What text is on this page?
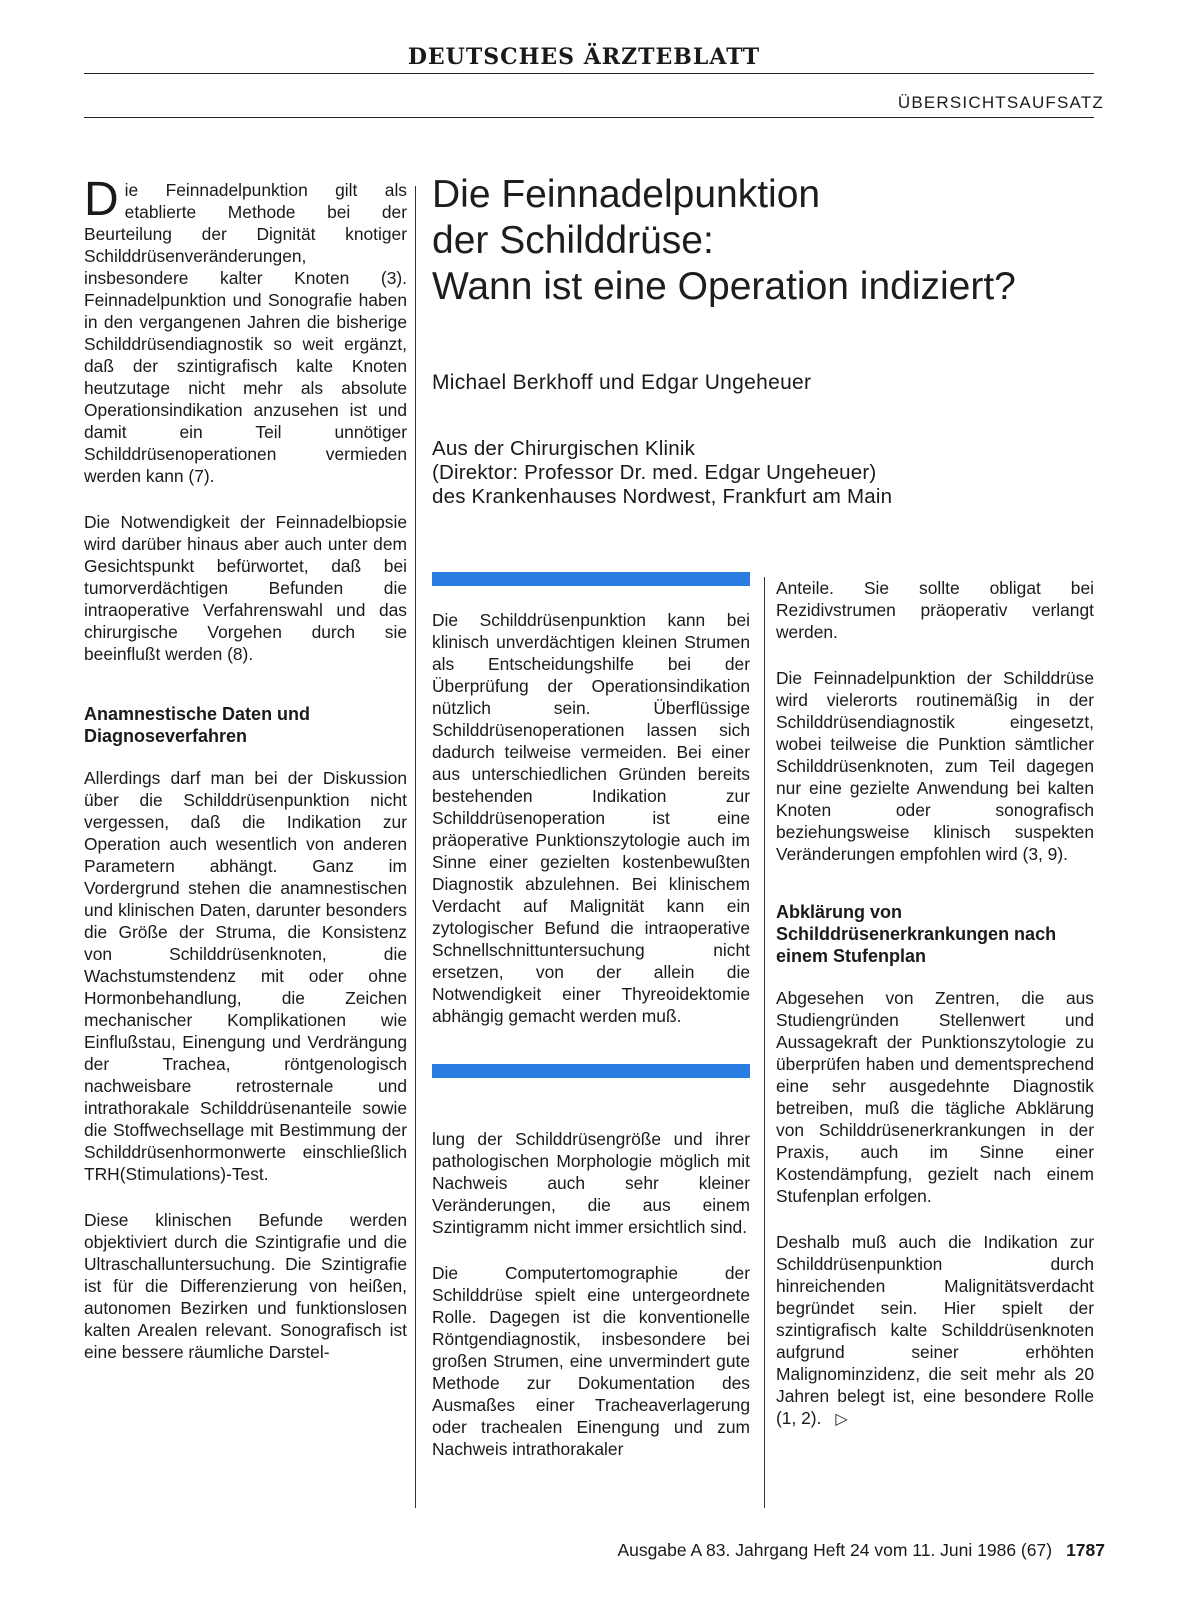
DEUTSCHES ÄRZTEBLATT
ÜBERSICHTSAUFSATZ

Die Feinnadelpunktion gilt als etablierte Methode bei der Beurteilung der Dignität knotiger Schilddrüsenveränderungen, insbesondere kalter Knoten (3). Feinnadelpunktion und Sonografie haben in den vergangenen Jahren die bisherige Schilddrüsendiagnostik so weit ergänzt, daß der szintigrafisch kalte Knoten heutzutage nicht mehr als absolute Operationsindikation anzusehen ist und damit ein Teil unnötiger Schilddrüsenoperationen vermieden werden kann (7).

Die Notwendigkeit der Feinnadelbiopsie wird darüber hinaus aber auch unter dem Gesichtspunkt befürwortet, daß bei tumorverdächtigen Befunden die intraoperative Verfahrenswahl und das chirurgische Vorgehen durch sie beeinflußt werden (8).

Anamnestische Daten und Diagnoseverfahren

Allerdings darf man bei der Diskussion über die Schilddrüsenpunktion nicht vergessen, daß die Indikation zur Operation auch wesentlich von anderen Parametern abhängt. Ganz im Vordergrund stehen die anamnestischen und klinischen Daten, darunter besonders die Größe der Struma, die Konsistenz von Schilddrüsenknoten, die Wachstumstendenz mit oder ohne Hormonbehandlung, die Zeichen mechanischer Komplikationen wie Einflußstau, Einengung und Verdrängung der Trachea, röntgenologisch nachweisbare retrosternale und intrathorakale Schilddrüsenanteile sowie die Stoffwechsellage mit Bestimmung der Schilddrüsenhormonwerte einschließlich TRH(Stimulations)-Test.

Diese klinischen Befunde werden objektiviert durch die Szintigrafie und die Ultraschalluntersuchung. Die Szintigrafie ist für die Differenzierung von heißen, autonomen Bezirken und funktionslosen kalten Arealen relevant. Sonografisch ist eine bessere räumliche Darstel-

Die Feinnadelpunktion
der Schilddrüse:
Wann ist eine Operation indiziert?
Michael Berkhoff und Edgar Ungeheuer
Aus der Chirurgischen Klinik
(Direktor: Professor Dr. med. Edgar Ungeheuer)
des Krankenhauses Nordwest, Frankfurt am Main

Die Schilddrüsenpunktion kann bei klinisch unverdächtigen kleinen Strumen als Entscheidungshilfe bei der Überprüfung der Operationsindikation nützlich sein. Überflüssige Schilddrüsenoperationen lassen sich dadurch teilweise vermeiden. Bei einer aus unterschiedlichen Gründen bereits bestehenden Indikation zur Schilddrüsenoperation ist eine präoperative Punktionszytologie auch im Sinne einer gezielten kostenbewußten Diagnostik abzulehnen. Bei klinischem Verdacht auf Malignität kann ein zytologischer Befund die intraoperative Schnellschnittuntersuchung nicht ersetzen, von der allein die Notwendigkeit einer Thyreoidektomie abhängig gemacht werden muß.

lung der Schilddrüsengröße und ihrer pathologischen Morphologie möglich mit Nachweis auch sehr kleiner Veränderungen, die aus einem Szintigramm nicht immer ersichtlich sind.

Die Computertomographie der Schilddrüse spielt eine untergeordnete Rolle. Dagegen ist die konventionelle Röntgendiagnostik, insbesondere bei großen Strumen, eine unvermindert gute Methode zur Dokumentation des Ausmaßes einer Tracheaverlagerung oder trachealen Einengung und zum Nachweis intrathorakaler

Anteile. Sie sollte obligat bei Rezidivstrumen präoperativ verlangt werden.

Die Feinnadelpunktion der Schilddrüse wird vielerorts routinemäßig in der Schilddrüsendiagnostik eingesetzt, wobei teilweise die Punktion sämtlicher Schilddrüsenknoten, zum Teil dagegen nur eine gezielte Anwendung bei kalten Knoten oder sonografisch beziehungsweise klinisch suspekten Veränderungen empfohlen wird (3, 9).

Abklärung von Schilddrüsenerkrankungen nach einem Stufenplan

Abgesehen von Zentren, die aus Studiengründen Stellenwert und Aussagekraft der Punktionszytologie zu überprüfen haben und dementsprechend eine sehr ausgedehnte Diagnostik betreiben, muß die tägliche Abklärung von Schilddrüsenerkrankungen in der Praxis, auch im Sinne einer Kostendämpfung, gezielt nach einem Stufenplan erfolgen.

Deshalb muß auch die Indikation zur Schilddrüsenpunktion durch hinreichenden Malignitätsverdacht begründet sein. Hier spielt der szintigrafisch kalte Schilddrüsenknoten aufgrund seiner erhöhten Malignominzidenz, die seit mehr als 20 Jahren belegt ist, eine besondere Rolle (1, 2). ▷

Ausgabe A 83. Jahrgang Heft 24 vom 11. Juni 1986 (67) 1787
